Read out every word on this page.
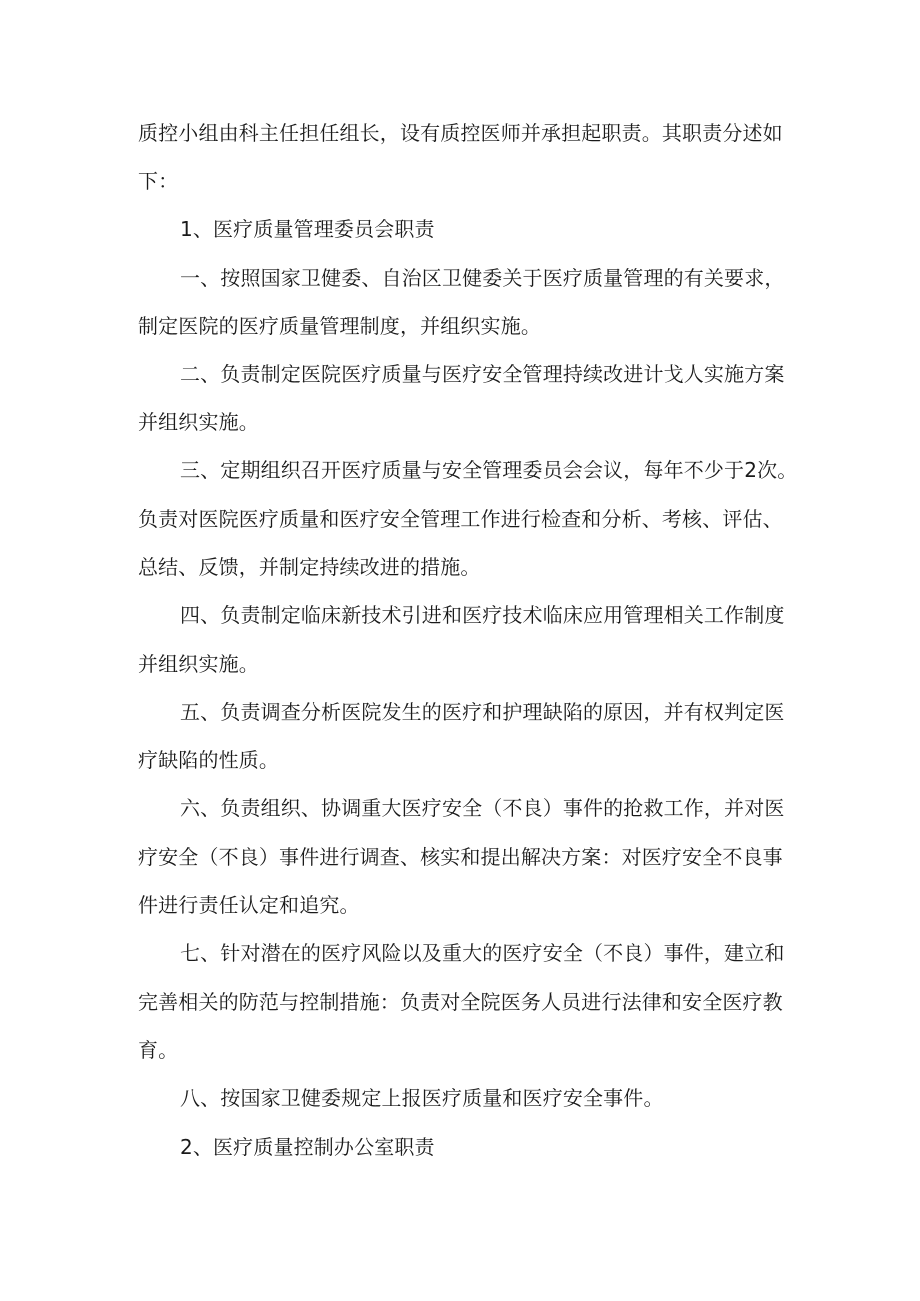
质控小组由科主任担任组长，设有质控医师并承担起职责。其职责分述如

下：

1、医疗质量管理委员会职责

一、按照国家卫健委、自治区卫健委关于医疗质量管理的有关要求，

制定医院的医疗质量管理制度，并组织实施。

二、负责制定医院医疗质量与医疗安全管理持续改进计戈人实施方案

并组织实施。

三、定期组织召开医疗质量与安全管理委员会会议，每年不少于2次。

负责对医院医疗质量和医疗安全管理工作进行检查和分析、考核、评估、

总结、反馈，并制定持续改进的措施。

四、负责制定临床新技术引进和医疗技术临床应用管理相关工作制度

并组织实施。

五、负责调查分析医院发生的医疗和护理缺陷的原因，并有权判定医

疗缺陷的性质。

六、负责组织、协调重大医疗安全（不良）事件的抢救工作，并对医

疗安全（不良）事件进行调查、核实和提出解决方案：对医疗安全不良事

件进行责任认定和追究。

七、针对潜在的医疗风险以及重大的医疗安全（不良）事件，建立和

完善相关的防范与控制措施：负责对全院医务人员进行法律和安全医疗教

育。

八、按国家卫健委规定上报医疗质量和医疗安全事件。

2、医疗质量控制办公室职责
